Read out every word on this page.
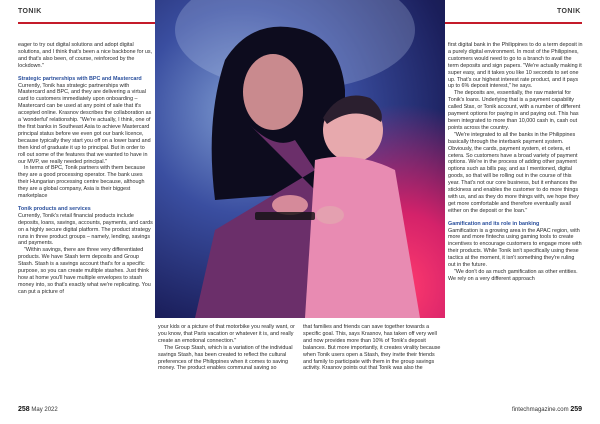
TONIK	TONIK

eager to try out digital solutions and adopt digital solutions, and I think that's been a nice backbone for us, and that's also been, of course, reinforced by the lockdown."

Strategic partnerships with BPC and Mastercard

Currently, Tonik has strategic partnerships with Mastercard and BPC, and they are delivering a virtual card to customers immediately upon onboarding – Mastercard can be used at any point of sale that it's accepted online. Krasnov describes the collaboration as a 'wonderful' relationship. "We're actually, I think, one of the first banks in Southeast Asia to achieve Mastercard principal status before we even got our bank licence, because typically they start you off on a lower band and then kind of graduate it up to principal. But in order to roll out some of the features that we wanted to have in our MVP, we really needed principal."

In terms of BPC, Tonik partners with them because they are a good processing operator. The bank uses their Hungarian processing centre because, although they are a global company, Asia is their biggest marketplace

Tonik products and services

Currently, Tonik's retail financial products include deposits, loans, savings, accounts, payments, and cards on a highly secure digital platform. The product strategy runs in three product groups – namely, lending, savings and payments.

"Within savings, there are three very differentiated products. We have Stash term deposits and Group Stash. Stash is a savings account that's for a specific purpose, so you can create multiple stashes. Just think how at home you'll have multiple envelopes to stash money into, so that's exactly what we're replicating. You can put a picture of

your kids or a picture of that motorbike you really want, or you know, that Paris vacation or whatever it is, and really create an emotional connection."

The Group Stash, which is a variation of the individual savings Stash, has been created to reflect the cultural preferences of the Philippines when it comes to saving money. The product enables communal saving so

that families and friends can save together towards a specific goal. This, says Krasnov, has taken off very well and now provides more than 10% of Tonik's deposit balances. But more importantly, it creates virality because when Tonik users open a Stash, they invite their friends and family to participate with them in the group savings activity. Krasnov points out that Tonik was also the

first digital bank in the Philippines to do a term deposit in a purely digital environment. In most of the Philippines, customers would need to go to a branch to avail the term deposits and sign papers. "We're actually making it super easy, and it takes you like 10 seconds to set one up. That's our highest interest rate product, and it pays up to 6% deposit interest," he says.

The deposits are, essentially, the raw material for Tonik's loans. Underlying that is a payment capability called Stax, or Tonik account, with a number of different payment options for paying in and paying out. This has been integrated to more than 10,000 cash in, cash out points across the country.

"We're integrated to all the banks in the Philippines basically through the interbank payment system. Obviously, the cards, payment system, et cetera, et cetera. So customers have a broad variety of payment options. We're in the process of adding other payment options such as bills pay, and as I mentioned, digital goods, so that will be rolling out in the course of this year. That's not our core business, but it enhances the stickiness and enables the customer to do more things with us, and as they do more things with, we hope they get more comfortable and therefore eventually avail either on the deposit or the loan."

Gamification and its role in banking

Gamification is a growing area in the APAC region, with more and more fintechs using gaming tools to create incentives to encourage customers to engage more with their products. While Tonik isn't specifically using these tactics at the moment, it isn't something they're ruling out in the future.

"We don't do as much gamification as other entities. We rely on a very different approach

258 May 2022	fintechmagazine.com 259
